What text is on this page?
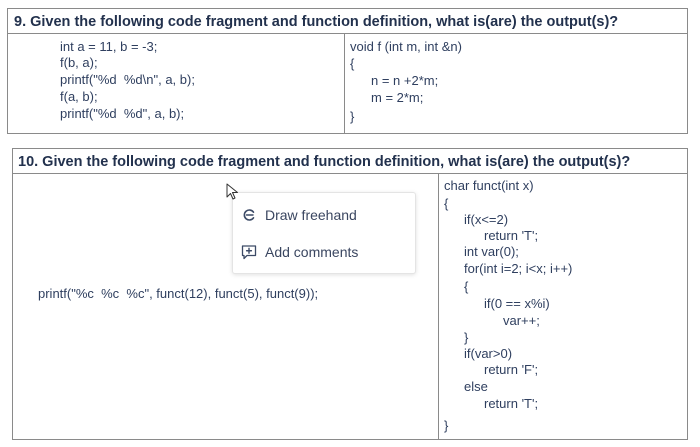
9. Given the following code fragment and function definition, what is(are) the output(s)?
int a = 11, b = -3;
f(b, a);
printf("%d  %d\n", a, b);
f(a, b);
printf("%d  %d", a, b);
void f (int m, int &n)
{
n = n +2*m;
m = 2*m;
}
10. Given the following code fragment and function definition, what is(are) the output(s)?
printf("%c  %c  %c", funct(12), funct(5), funct(9));
char funct(int x)
{
if(x<=2)
return 'T';
int var(0);
for(int i=2; i<x; i++)
{
if(0 == x%i)
var++;
}
if(var>0)
return 'F';
else
return 'T';
}
Draw freehand
Add comments
